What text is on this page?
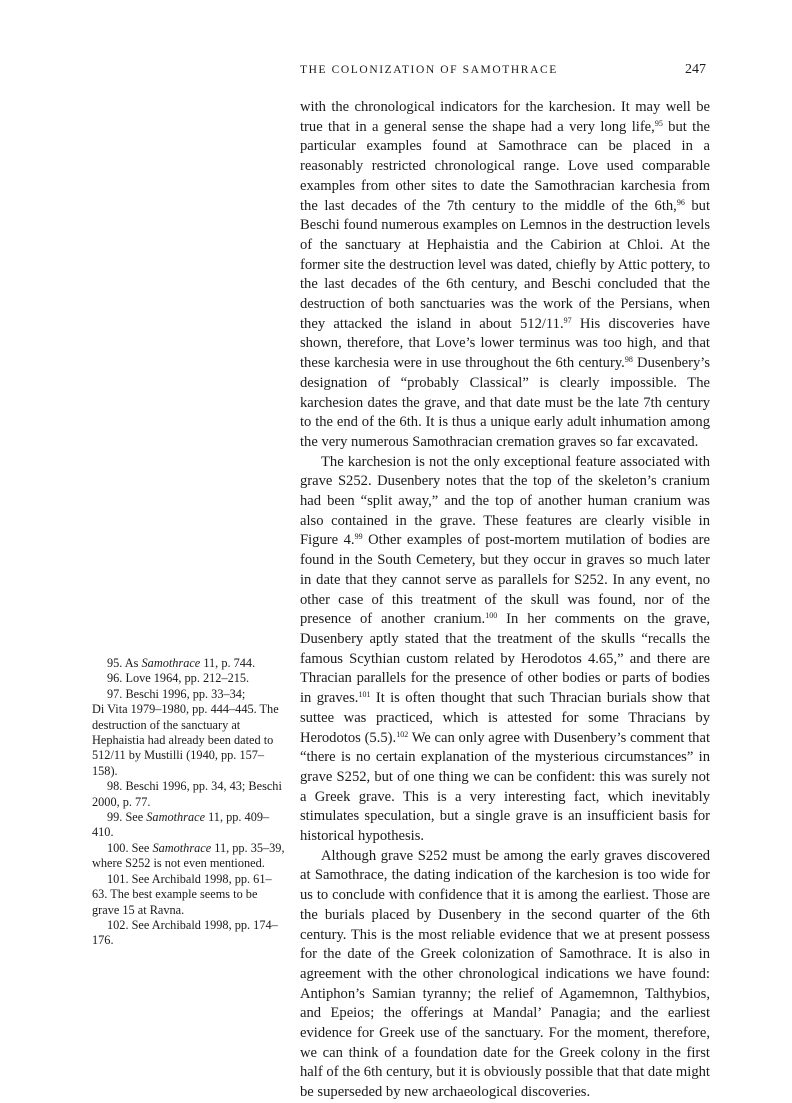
THE COLONIZATION OF SAMOTHRACE	247

with the chronological indicators for the karchesion. It may well be true that in a general sense the shape had a very long life,$^{95}$ but the particular examples found at Samothrace can be placed in a reasonably restricted chronological range. Love used comparable examples from other sites to date the Samothracian karchesia from the last decades of the 7th century to the middle of the 6th,$^{96}$ but Beschi found numerous examples on Lemnos in the destruction levels of the sanctuary at Hephaistia and the Cabirion at Chloi. At the former site the destruction level was dated, chiefly by Attic pottery, to the last decades of the 6th century, and Beschi concluded that the destruction of both sanctuaries was the work of the Persians, when they attacked the island in about 512/11.97 His discoveries have shown, therefore, that Love’s lower terminus was too high, and that these karchesia were in use throughout the 6th century.$^{98}$ Dusenbery’s designation of “probably Classical” is clearly impossible. The karchesion dates the grave, and that date must be the late 7th century to the end of the 6th. It is thus a unique early adult inhumation among the very numerous Samothracian cremation graves so far excavated.

The karchesion is not the only exceptional feature associated with grave S252. Dusenbery notes that the top of the skeleton’s cranium had been “split away,” and the top of another human cranium was also contained in the grave. These features are clearly visible in Figure 4.99 Other examples of post-mortem mutilation of bodies are found in the South Cemetery, but they occur in graves so much later in date that they cannot serve as parallels for S252. In any event, no other case of this treatment of the skull was found, nor of the presence of another cranium.$^{100}$ In her comments on the grave, Dusenbery aptly stated that the treatment of the skulls “recalls the famous Scythian custom related by Herodotos 4.65,” and there are Thracian parallels for the presence of other bodies or parts of bodies in graves.$^{101}$ It is often thought that such Thracian burials show that suttee was practiced, which is attested for some Thracians by Herodotos (5.5).$^{102}$ We can only agree with Dusenbery’s comment that “there is no certain explanation of the mysterious circumstances” in grave S252, but of one thing we can be confident: this was surely not a Greek grave. This is a very interesting fact, which inevitably stimulates speculation, but a single grave is an insufficient basis for historical hypothesis.

Although grave S252 must be among the early graves discovered at Samothrace, the dating indication of the karchesion is too wide for us to conclude with confidence that it is among the earliest. Those are the burials placed by Dusenbery in the second quarter of the 6th century. This is the most reliable evidence that we at present possess for the date of the Greek colonization of Samothrace. It is also in agreement with the other chronological indications we have found: Antiphon’s Samian tyranny; the relief of Agamemnon, Talthybios, and Epeios; the offerings at Mandal’ Panagia; and the earliest evidence for Greek use of the sanctuary. For the moment, therefore, we can think of a foundation date for the Greek colony in the first half of the 6th century, but it is obviously possible that that date might be superseded by new archaeological discoveries.

95. As Samothrace 11, p. 744.

96. Love 1964, pp. 212–215.

97. Beschi 1996, pp. 33–34;

Di Vita 1979–1980, pp. 444–445. The destruction of the sanctuary at Hephaistia had already been dated to 512/11 by Mustilli (1940, pp. 157–158).

98. Beschi 1996, pp. 34, 43; Beschi 2000, p. 77.

99. See Samothrace 11, pp. 409–410.

100. See Samothrace 11, pp. 35–39, where S252 is not even mentioned.

101. See Archibald 1998, pp. 61–63. The best example seems to be grave 15 at Ravna.

102. See Archibald 1998, pp. 174–176.
